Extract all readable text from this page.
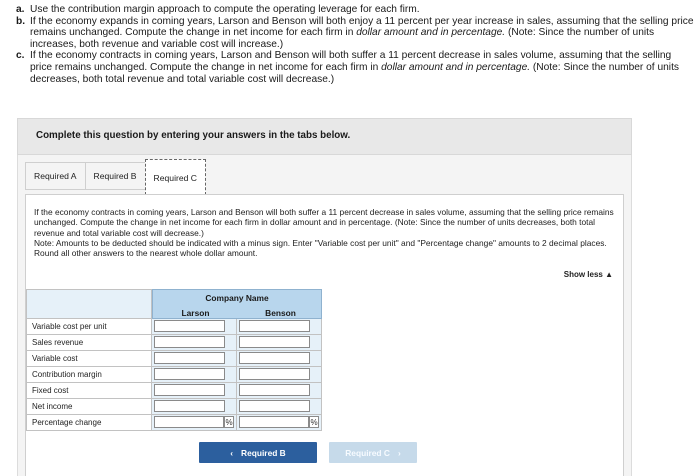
a. Use the contribution margin approach to compute the operating leverage for each firm.
b. If the economy expands in coming years, Larson and Benson will both enjoy a 11 percent per year increase in sales, assuming that the selling price remains unchanged. Compute the change in net income for each firm in dollar amount and in percentage. (Note: Since the number of units increases, both revenue and variable cost will increase.)
c. If the economy contracts in coming years, Larson and Benson will both suffer a 11 percent decrease in sales volume, assuming that the selling price remains unchanged. Compute the change in net income for each firm in dollar amount and in percentage. (Note: Since the number of units decreases, both total revenue and total variable cost will decrease.)
Complete this question by entering your answers in the tabs below.
Required A	Required B	Required C
If the economy contracts in coming years, Larson and Benson will both suffer a 11 percent decrease in sales volume, assuming that the selling price remains unchanged. Compute the change in net income for each firm in dollar amount and in percentage. (Note: Since the number of units decreases, both total revenue and total variable cost will decrease.)
Note: Amounts to be deducted should be indicated with a minus sign. Enter "Variable cost per unit" and "Percentage change" amounts to 2 decimal places. Round all other answers to the nearest whole dollar amount.
Show less ▲
Company Name
Larson	Benson
Variable cost per unit
Sales revenue
Variable cost
Contribution margin
Fixed cost
Net income
Percentage change	%	%
‹ Required B	Required C ›
